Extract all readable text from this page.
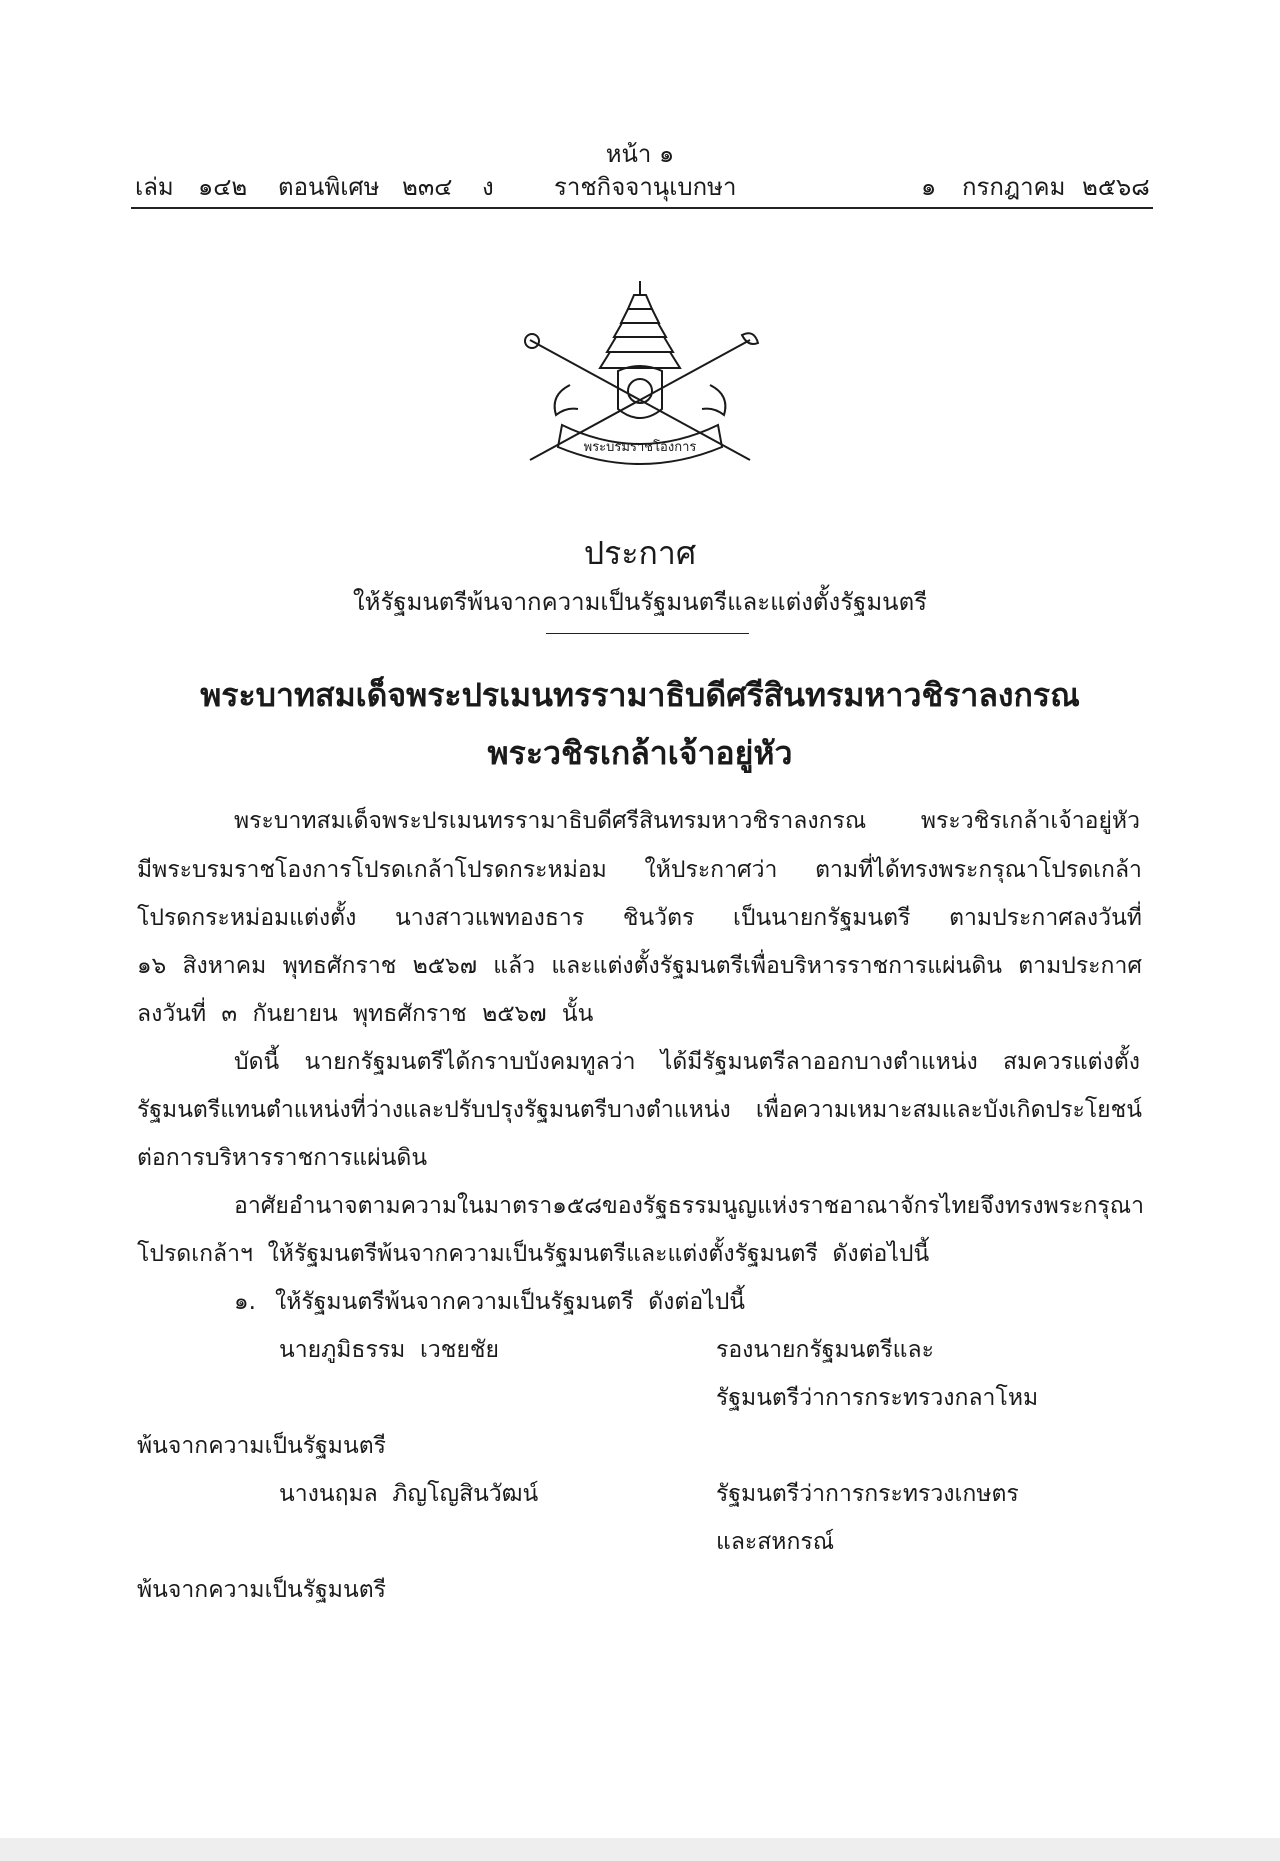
หน้า ๑
เล่ม ๑๔๒ ตอนพิเศษ ๒๓๔ ง	ราชกิจจานุเบกษา	๑ กรกฎาคม ๒๕๖๘
พระบรมราชโองการ
ประกาศ
ให้รัฐมนตรีพ้นจากความเป็นรัฐมนตรีและแต่งตั้งรัฐมนตรี
พระบาทสมเด็จพระปรเมนทรรามาธิบดีศรีสินทรมหาวชิราลงกรณ
พระวชิรเกล้าเจ้าอยู่หัว
พระบาทสมเด็จพระปรเมนทรรามาธิบดีศรีสินทรมหาวชิราลงกรณ พระวชิรเกล้าเจ้าอยู่หัว
มีพระบรมราชโองการโปรดเกล้าโปรดกระหม่อม ให้ประกาศว่า ตามที่ได้ทรงพระกรุณาโปรดเกล้า
โปรดกระหม่อมแต่งตั้ง นางสาวแพทองธาร ชินวัตร เป็นนายกรัฐมนตรี ตามประกาศลงวันที่
๑๖ สิงหาคม พุทธศักราช ๒๕๖๗ แล้ว และแต่งตั้งรัฐมนตรีเพื่อบริหารราชการแผ่นดิน ตามประกาศ
ลงวันที่ ๓ กันยายน พุทธศักราช ๒๕๖๗ นั้น
บัดนี้ นายกรัฐมนตรีได้กราบบังคมทูลว่า ได้มีรัฐมนตรีลาออกบางตำแหน่ง สมควรแต่งตั้ง
รัฐมนตรีแทนตำแหน่งที่ว่างและปรับปรุงรัฐมนตรีบางตำแหน่ง เพื่อความเหมาะสมและบังเกิดประโยชน์
ต่อการบริหารราชการแผ่นดิน
อาศัยอำนาจตามความในมาตรา ๑๕๘ ของรัฐธรรมนูญแห่งราชอาณาจักรไทย จึงทรงพระกรุณา
โปรดเกล้าฯ  ให้รัฐมนตรีพ้นจากความเป็นรัฐมนตรีและแต่งตั้งรัฐมนตรี  ดังต่อไปนี้
๑. ให้รัฐมนตรีพ้นจากความเป็นรัฐมนตรี  ดังต่อไปนี้
นายภูมิธรรม  เวชยชัย	รองนายกรัฐมนตรีและ
รัฐมนตรีว่าการกระทรวงกลาโหม
พ้นจากความเป็นรัฐมนตรี
นางนฤมล  ภิญโญสินวัฒน์	รัฐมนตรีว่าการกระทรวงเกษตร
และสหกรณ์
พ้นจากความเป็นรัฐมนตรี
